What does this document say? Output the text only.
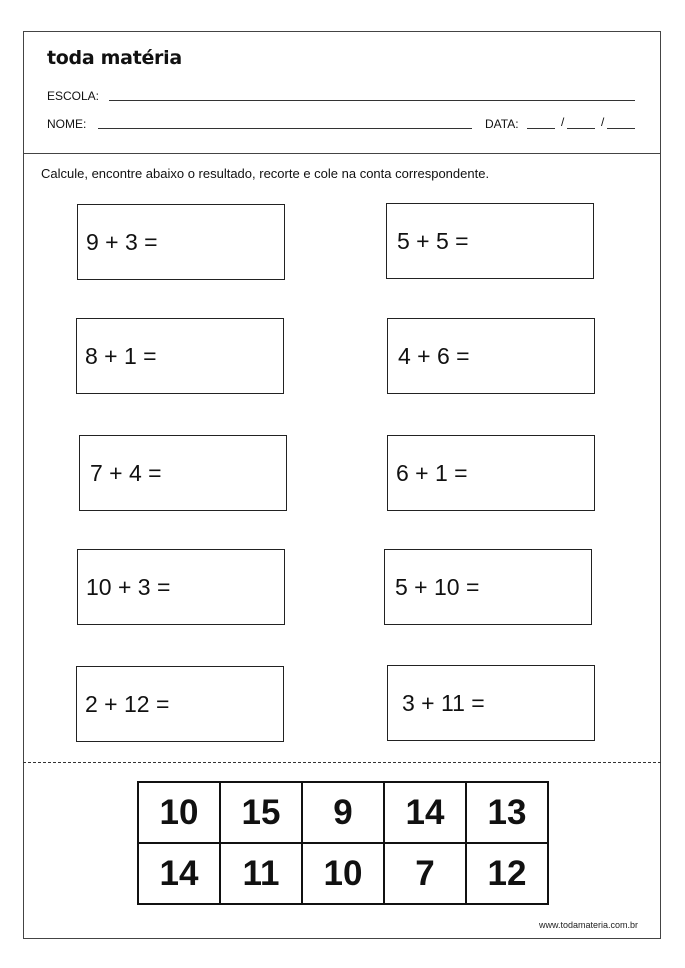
toda matéria
ESCOLA:
NOME:	DATA:	/	/
Calcule, encontre abaixo o resultado, recorte e cole na conta correspondente.
9 + 3 =	5 + 5 =
8 + 1 =	4 + 6 =
7 + 4 =	6 + 1 =
10 + 3 =	5 + 10 =
2 + 12 =	3 + 11 =
10	15	9	14	13
14	11	10	7	12
www.todamateria.com.br
